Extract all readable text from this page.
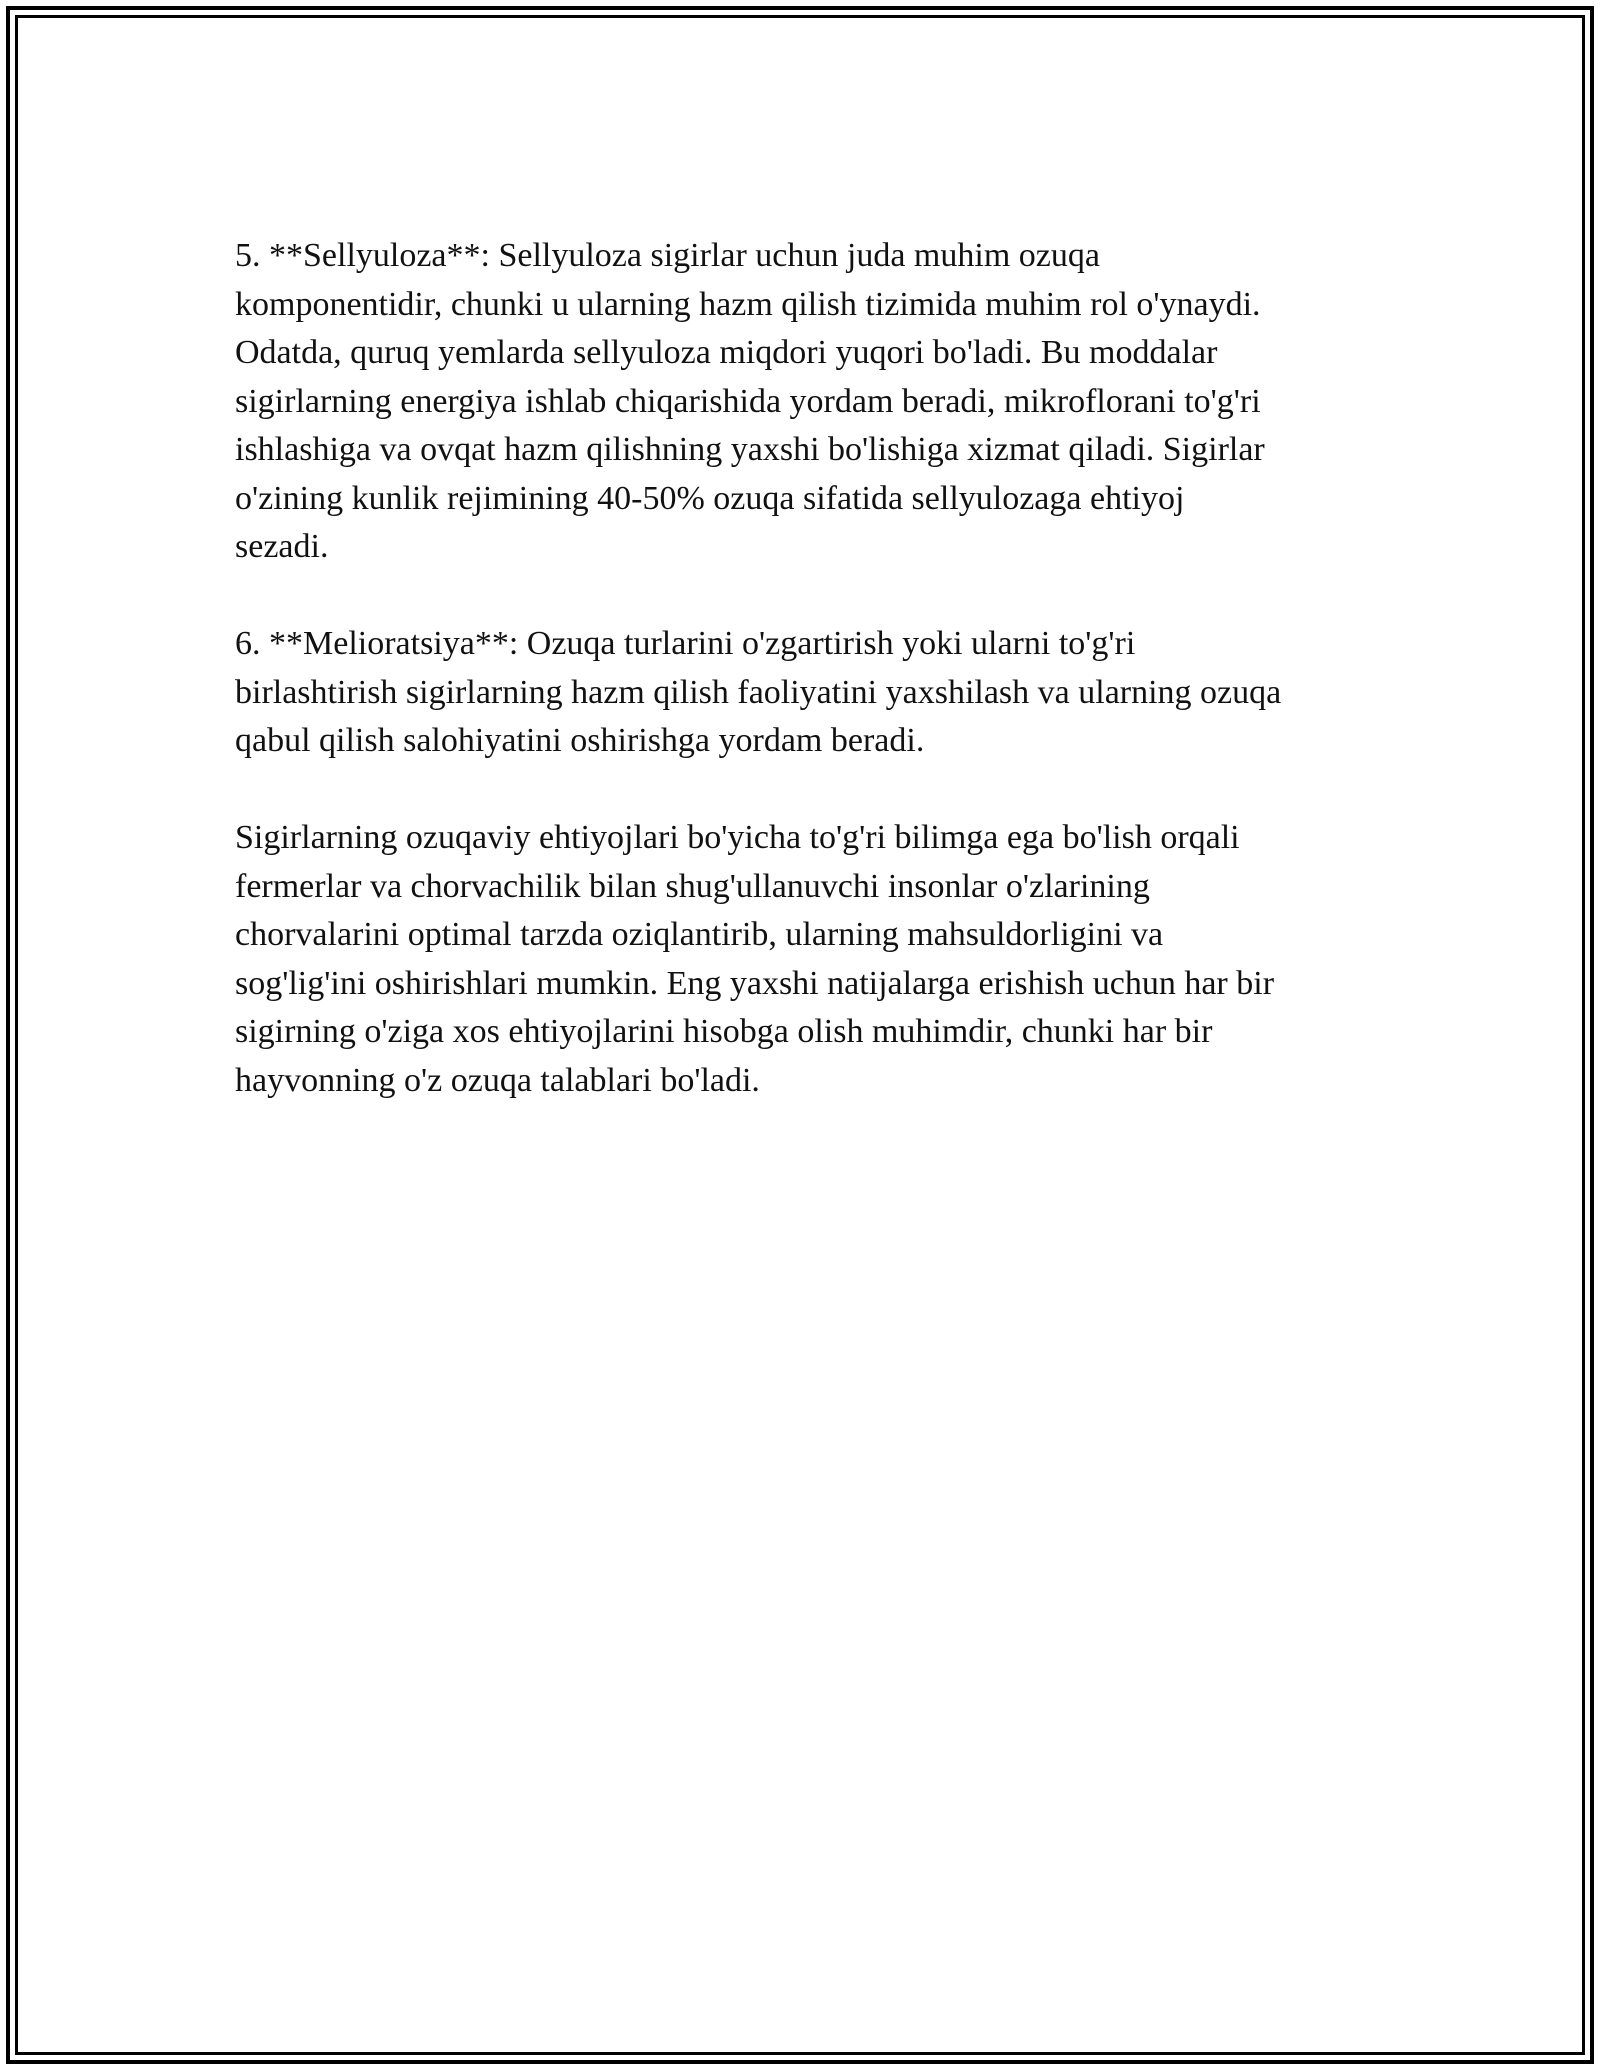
5. **Sellyuloza**: Sellyuloza sigirlar uchun juda muhim ozuqa
komponentidir, chunki u ularning hazm qilish tizimida muhim rol o'ynaydi.
Odatda, quruq yemlarda sellyuloza miqdori yuqori bo'ladi. Bu moddalar
sigirlarning energiya ishlab chiqarishida yordam beradi, mikroflorani to'g'ri
ishlashiga va ovqat hazm qilishning yaxshi bo'lishiga xizmat qiladi. Sigirlar
o'zining kunlik rejimining 40-50% ozuqa sifatida sellyulozaga ehtiyoj
sezadi.

6. **Melioratsiya**: Ozuqa turlarini o'zgartirish yoki ularni to'g'ri
birlashtirish sigirlarning hazm qilish faoliyatini yaxshilash va ularning ozuqa
qabul qilish salohiyatini oshirishga yordam beradi.

Sigirlarning ozuqaviy ehtiyojlari bo'yicha to'g'ri bilimga ega bo'lish orqali
fermerlar va chorvachilik bilan shug'ullanuvchi insonlar o'zlarining
chorvalarini optimal tarzda oziqlantirib, ularning mahsuldorligini va
sog'lig'ini oshirishlari mumkin. Eng yaxshi natijalarga erishish uchun har bir
sigirning o'ziga xos ehtiyojlarini hisobga olish muhimdir, chunki har bir
hayvonning o'z ozuqa talablari bo'ladi.
